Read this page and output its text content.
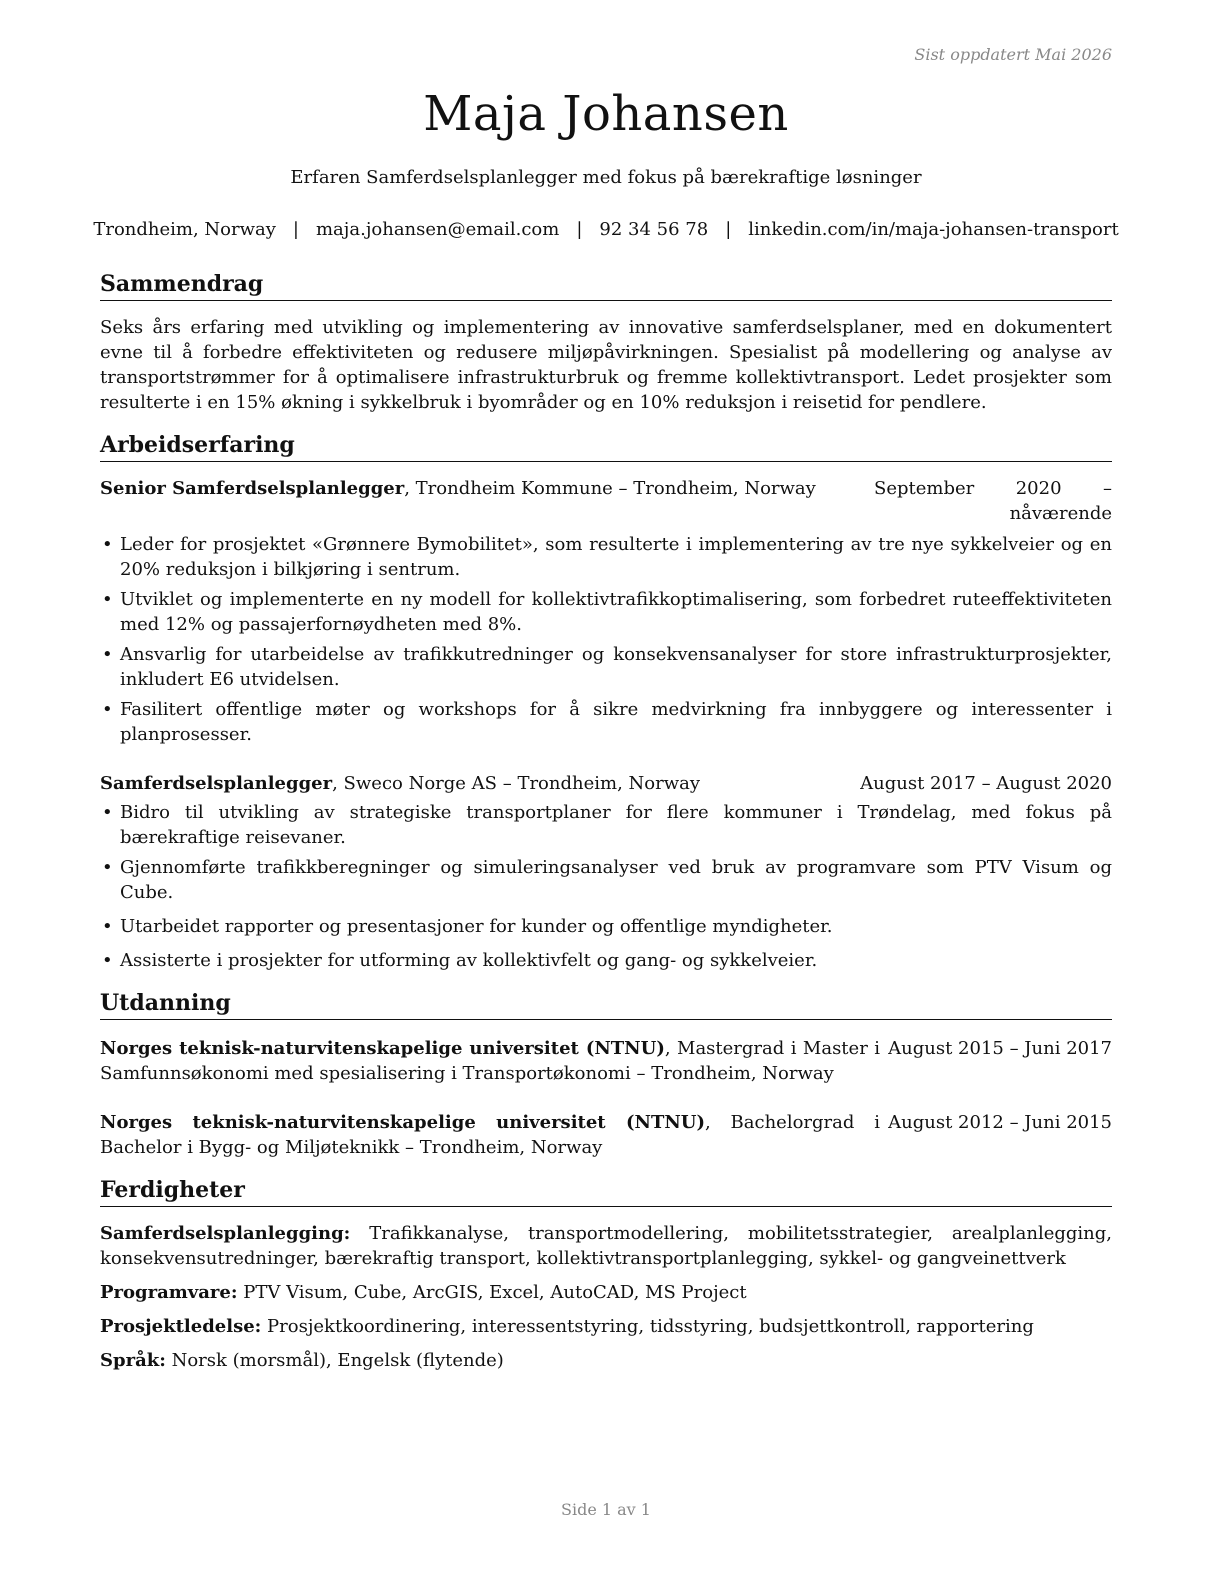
Sist oppdatert Mai 2026
Maja Johansen
Erfaren Samferdselsplanlegger med fokus på bærekraftige løsninger
Trondheim, Norway | maja.johansen@email.com | 92 34 56 78 | linkedin.com/in/maja-johansen-transport
Sammendrag

Seks års erfaring med utvikling og implementering av innovative samferdselsplaner, med en dokumentert evne til å forbedre effektiviteten og redusere miljøpåvirkningen. Spesialist på modellering og analyse av transportstrømmer for å optimalisere infrastrukturbruk og fremme kollektivtransport. Ledet prosjekter som resulterte i en 15% økning i sykkelbruk i byområder og en 10% reduksjon i reisetid for pendlere.

Arbeidserfaring
Senior Samferdselsplanlegger, Trondheim Kommune – Trondheim, Norway	September 2020 – nåværende
• Leder for prosjektet «Grønnere Bymobilitet», som resulterte i implementering av tre nye sykkelveier og en 20% reduksjon i bilkjøring i sentrum.
• Utviklet og implementerte en ny modell for kollektivtrafikkoptimalisering, som forbedret ruteeffektiviteten med 12% og passajerfornøydheten med 8%.
• Ansvarlig for utarbeidelse av trafikkutredninger og konsekvensanalyser for store infrastrukturprosjekter, inkludert E6 utvidelsen.
• Fasilitert offentlige møter og workshops for å sikre medvirkning fra innbyggere og interessenter i planprosesser.
Samferdselsplanlegger, Sweco Norge AS – Trondheim, Norway	August 2017 – August 2020
• Bidro til utvikling av strategiske transportplaner for flere kommuner i Trøndelag, med fokus på bærekraftige reisevaner.
• Gjennomførte trafikkberegninger og simuleringsanalyser ved bruk av programvare som PTV Visum og Cube.
• Utarbeidet rapporter og presentasjoner for kunder og offentlige myndigheter.
• Assisterte i prosjekter for utforming av kollektivfelt og gang- og sykkelveier.
Utdanning
Norges teknisk-naturvitenskapelige universitet (NTNU), Mastergrad i Master i Samfunnsøkonomi med spesialisering i Transportøkonomi – Trondheim, Norway
August 2015 – Juni 2017
Norges teknisk-naturvitenskapelige universitet (NTNU), Bachelorgrad i Bachelor i Bygg- og Miljøteknikk – Trondheim, Norway
August 2012 – Juni 2015
Ferdigheter
Samferdselsplanlegging: Trafikkanalyse, transportmodellering, mobilitetsstrategier, arealplanlegging, konsekvensutredninger, bærekraftig transport, kollektivtransportplanlegging, sykkel- og gangveinettverk
Programvare: PTV Visum, Cube, ArcGIS, Excel, AutoCAD, MS Project
Prosjektledelse: Prosjektkoordinering, interessentstyring, tidsstyring, budsjettkontroll, rapportering
Språk: Norsk (morsmål), Engelsk (flytende)
Side 1 av 1
